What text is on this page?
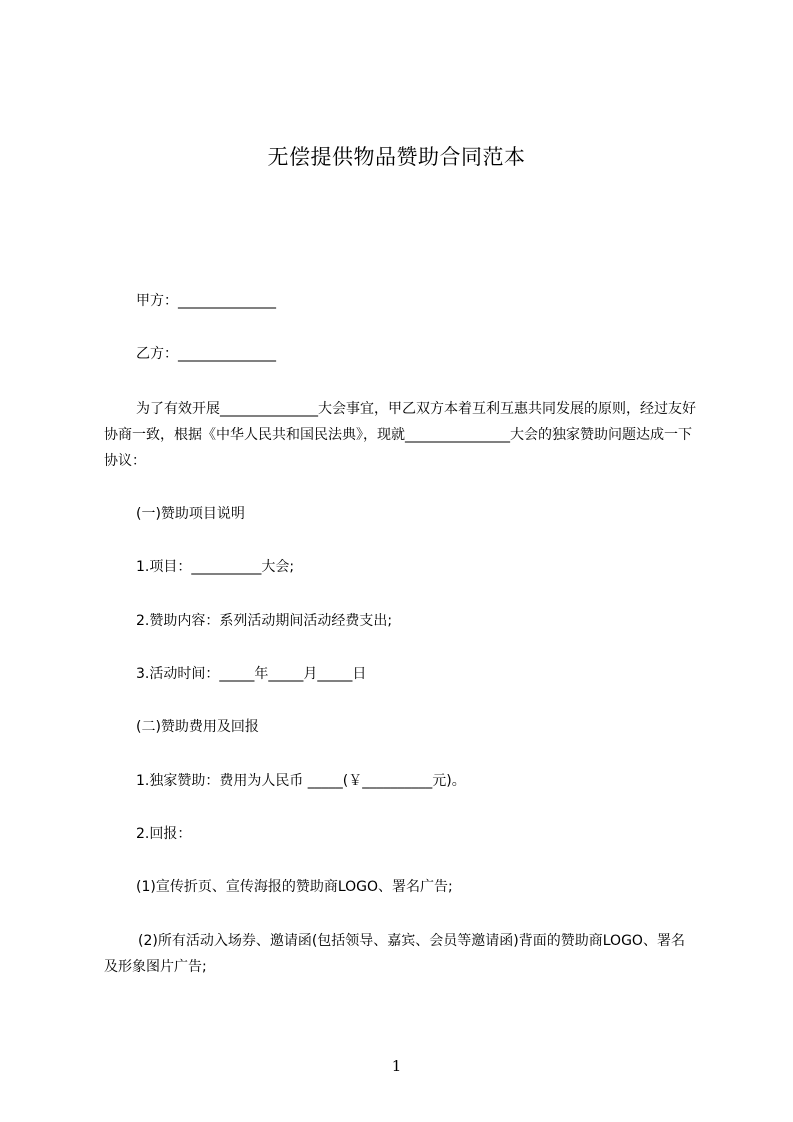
无偿提供物品赞助合同范本
甲方：______________
乙方：______________
为了有效开展______________大会事宜，甲乙双方本着互利互惠共同发展的原则，经过友好协商一致，根据《中华人民共和国民法典》，现就_______________大会的独家赞助问题达成一下协议：
(一)赞助项目说明
1.项目：__________大会;
2.赞助内容：系列活动期间活动经费支出;
3.活动时间：_____年_____月_____日
(二)赞助费用及回报
1.独家赞助：费用为人民币 _____(￥__________元)。
2.回报：
(1)宣传折页、宣传海报的赞助商LOGO、署名广告;
(2)所有活动入场券、邀请函(包括领导、嘉宾、会员等邀请函)背面的赞助商LOGO、署名及形象图片广告;
1
